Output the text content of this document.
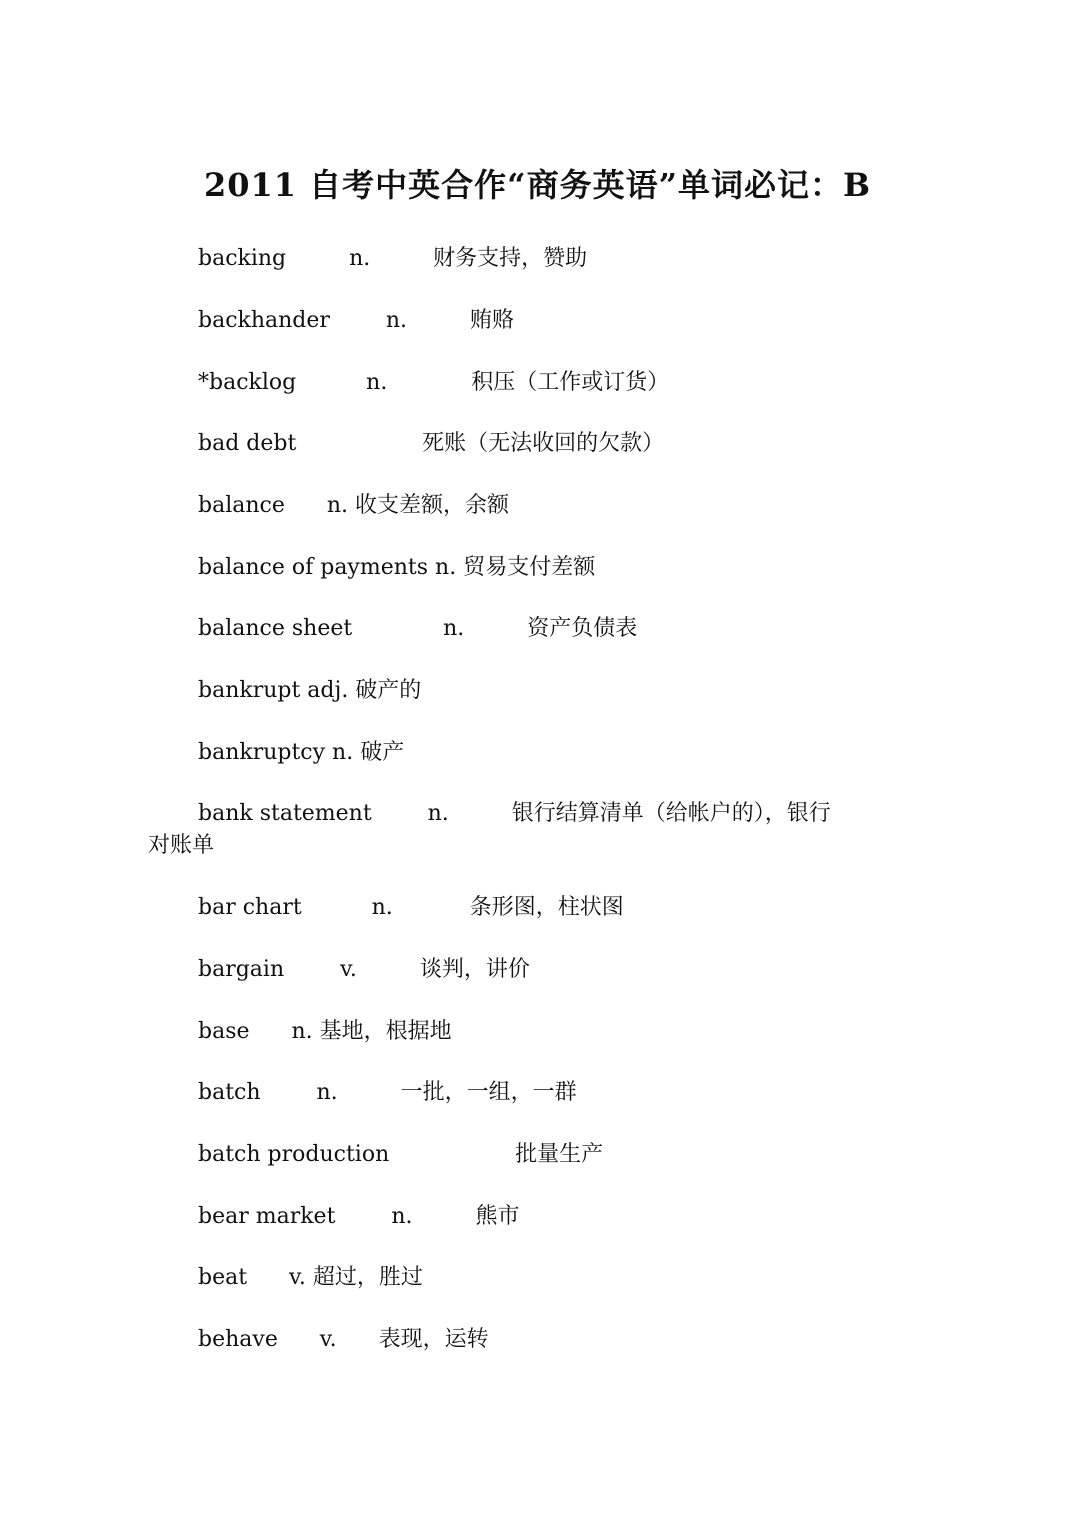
2011 自考中英合作“商务英语”单词必记：B
backing         n.         财务支持，赞助
backhander        n.         贿赂
*backlog          n.            积压（工作或订货）
bad debt                  死账（无法收回的欠款）
balance      n. 收支差额，余额
balance of payments n. 贸易支付差额
balance sheet             n.         资产负债表
bankrupt adj. 破产的
bankruptcy n. 破产
bank statement        n.         银行结算清单（给帐户的），银行
对账单
bar chart          n.           条形图，柱状图
bargain        v.         谈判，讲价
base      n. 基地，根据地
batch        n.         一批，一组，一群
batch production                  批量生产
bear market        n.         熊市
beat      v. 超过，胜过
behave      v.      表现，运转
